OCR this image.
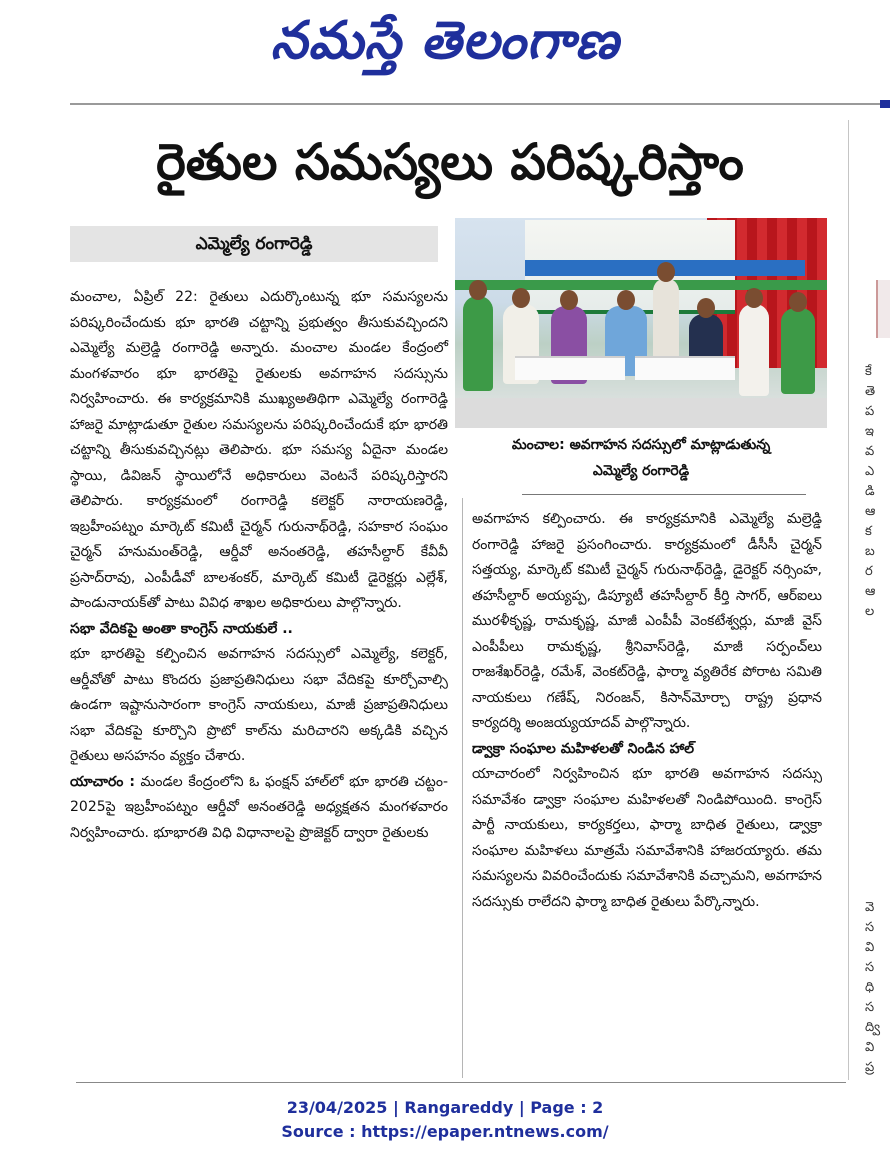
నమస్తే తెలంగాణ
రైతుల సమస్యలు పరిష్కరిస్తాం
ఎమ్మెల్యే రంగారెడ్డి
మంచాల: అవగాహన సదస్సులో మాట్లాడుతున్న
ఎమ్మెల్యే రంగారెడ్డి

మంచాల, ఏప్రిల్ 22: రైతులు ఎదుర్కొంటున్న భూ సమస్యలను పరిష్కరించేందుకు భూ భారతి చట్టాన్ని ప్రభుత్వం తీసుకువచ్చిందని ఎమ్మెల్యే మల్రెడ్డి రంగారెడ్డి అన్నారు. మంచాల మండల కేంద్రంలో మంగళవారం భూ భారతిపై రైతులకు అవగాహన సదస్సును నిర్వహించారు. ఈ కార్యక్రమానికి ముఖ్యఅతిథిగా ఎమ్మెల్యే రంగారెడ్డి హాజరై మాట్లాడుతూ రైతుల సమస్యలను పరిష్కరించేందుకే భూ భారతి చట్టాన్ని తీసుకువచ్చినట్లు తెలిపారు. భూ సమస్య ఏదైనా మండల స్థాయి, డివిజన్ స్థాయిలోనే అధికారులు వెంటనే పరిష్కరిస్తారని తెలిపారు. కార్యక్రమంలో రంగారెడ్డి కలెక్టర్ నారాయణరెడ్డి, ఇబ్రహీంపట్నం మార్కెట్ కమిటీ చైర్మన్ గురునాథ్‌రెడ్డి, సహకార సంఘం చైర్మన్ హనుమంత్‌రెడ్డి, ఆర్డీవో అనంతరెడ్డి, తహసీల్దార్ కేవీవీ ప్రసాద్‌రావు, ఎంపీడీవో బాలశంకర్, మార్కెట్ కమిటీ డైరెక్టర్లు ఎల్లేశ్, పాండునాయక్‌తో పాటు వివిధ శాఖల అధికారులు పాల్గొన్నారు.

సభా వేదికపై అంతా కాంగ్రెస్ నాయకులే ..

భూ భారతిపై కల్పించిన అవగాహన సదస్సులో ఎమ్మెల్యే, కలెక్టర్, ఆర్డీవోతో పాటు కొందరు ప్రజాప్రతినిధులు సభా వేదికపై కూర్చోవాల్సి ఉండగా ఇష్టానుసారంగా కాంగ్రెస్ నాయకులు, మాజీ ప్రజాప్రతినిధులు సభా వేదికపై కూర్చొని ప్రొటో కాల్‌ను మరిచారని అక్కడికి వచ్చిన రైతులు అసహనం వ్యక్తం చేశారు.

యాచారం : మండల కేంద్రంలోని ఓ ఫంక్షన్ హాల్‌లో భూ భారతి చట్టం- 2025పై ఇబ్రహీంపట్నం ఆర్డీవో అనంతరెడ్డి అధ్యక్షతన మంగళవారం నిర్వహించారు. భూభారతి విధి విధానాలపై ప్రొజెక్టర్ ద్వారా రైతులకు

అవగాహన కల్పించారు. ఈ కార్యక్రమానికి ఎమ్మెల్యే మల్రెడ్డి రంగారెడ్డి హాజరై ప్రసంగించారు. కార్యక్రమంలో డీసీసీ చైర్మన్ సత్తయ్య, మార్కెట్ కమిటీ చైర్మన్ గురునాథ్‌రెడ్డి, డైరెక్టర్ నర్సింహ, తహసీల్దార్ అయ్యప్ప, డిప్యూటీ తహసీల్దార్ కీర్తి సాగర్, ఆర్ఐలు మురళీకృష్ణ, రామకృష్ణ, మాజీ ఎంపీపీ వెంకటేశ్వర్లు, మాజీ వైస్ ఎంపీపీలు రామకృష్ణ, శ్రీనివాస్‌రెడ్డి, మాజీ సర్పంచ్‌లు రాజశేఖర్‌రెడ్డి, రమేశ్, వెంకట్‌రెడ్డి, ఫార్మా వ్యతిరేక పోరాట సమితి నాయకులు గణేష్, నిరంజన్, కిసాన్‌మోర్చా రాష్ట్ర ప్రధాన కార్యదర్శి అంజయ్యయాదవ్ పాల్గొన్నారు.

డ్వాక్రా సంఘాల మహిళలతో నిండిన హాల్

యాచారంలో నిర్వహించిన భూ భారతి అవగాహన సదస్సు సమావేశం డ్వాక్రా సంఘాల మహిళలతో నిండిపోయింది. కాంగ్రెస్ పార్టీ నాయకులు, కార్యకర్తలు, ఫార్మా బాధిత రైతులు, డ్వాక్రా సంఘాల మహిళలు మాత్రమే సమావేశానికి హాజరయ్యారు. తమ సమస్యలను వివరించేందుకు సమావేశానికి వచ్చామని, అవగాహన సదస్సుకు రాలేదని ఫార్మా బాధిత రైతులు పేర్కొన్నారు.

కే
తె
ప
ఇ
వ
ఎ
డి
ఆ
క
బ
ర
ఆ
ల
వె
స
వి
స
ధి
స
ద్వి
వి
ప్ర
23/04/2025 | Rangareddy | Page : 2
Source : https://epaper.ntnews.com/
